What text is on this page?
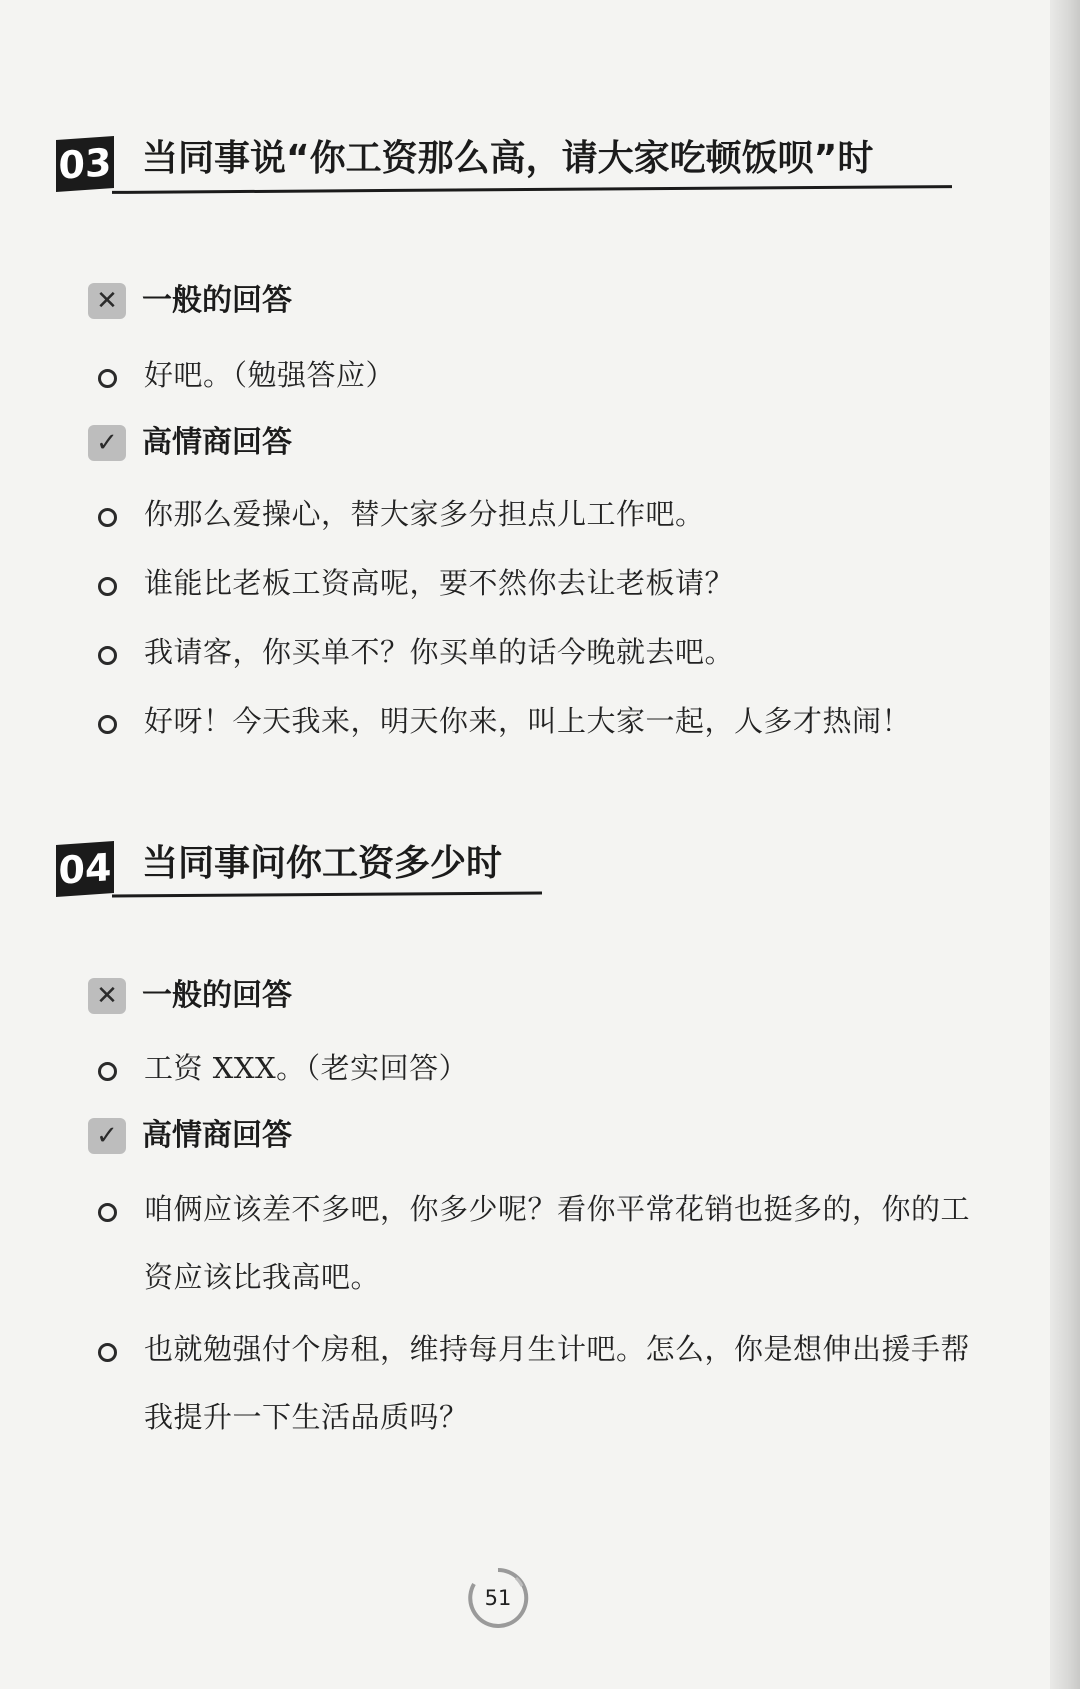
03 当同事说“你工资那么高，请大家吃顿饭呗”时
✕ 一般的回答
好吧。（勉强答应）
✓ 高情商回答
你那么爱操心，替大家多分担点儿工作吧。
谁能比老板工资高呢，要不然你去让老板请？
我请客，你买单不？你买单的话今晚就去吧。
好呀！今天我来，明天你来，叫上大家一起，人多才热闹！
04 当同事问你工资多少时
✕ 一般的回答
工资 XXX。（老实回答）
✓ 高情商回答
咱俩应该差不多吧，你多少呢？看你平常花销也挺多的，你的工资应该比我高吧。
也就勉强付个房租，维持每月生计吧。怎么，你是想伸出援手帮我提升一下生活品质吗？
51
